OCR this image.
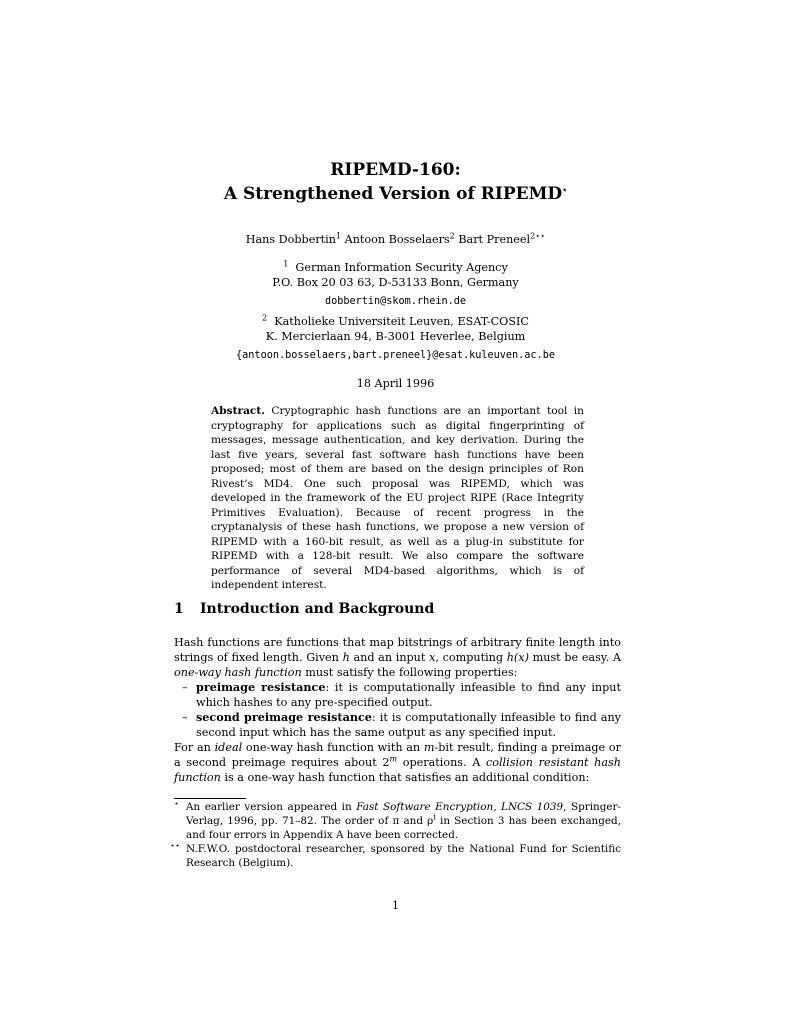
RIPEMD-160:
A Strengthened Version of RIPEMD⋆
Hans Dobbertin$^1$ Antoon Bosselaers$^2$ Bart Preneel$^{2⋆⋆}$
$^1$ German Information Security Agency
P.O. Box 20 03 63, D-53133 Bonn, Germany
dobbertin@skom.rhein.de
$^2$ Katholieke Universiteit Leuven, ESAT-COSIC
K. Mercierlaan 94, B-3001 Heverlee, Belgium
{antoon.bosselaers,bart.preneel}@esat.kuleuven.ac.be
18 April 1996
Abstract. Cryptographic hash functions are an important tool in cryptography for applications such as digital fingerprinting of messages, message authentication, and key derivation. During the last five years, several fast software hash functions have been proposed; most of them are based on the design principles of Ron Rivest’s MD4. One such proposal was RIPEMD, which was developed in the framework of the EU project RIPE (Race Integrity Primitives Evaluation). Because of recent progress in the cryptanalysis of these hash functions, we propose a new version of RIPEMD with a 160-bit result, as well as a plug-in substitute for RIPEMD with a 128-bit result. We also compare the software performance of several MD4-based algorithms, which is of independent interest.
1 Introduction and Background

Hash functions are functions that map bitstrings of arbitrary finite length into strings of fixed length. Given h and an input x, computing h(x) must be easy. A one-way hash function must satisfy the following properties:

– preimage resistance: it is computationally infeasible to find any input which hashes to any pre-specified output.
– second preimage resistance: it is computationally infeasible to find any second input which has the same output as any specified input.

For an ideal one-way hash function with an m-bit result, finding a preimage or a second preimage requires about 2$^m$ operations. A collision resistant hash function is a one-way hash function that satisfies an additional condition:

⋆ An earlier version appeared in Fast Software Encryption, LNCS 1039, Springer-Verlag, 1996, pp. 71–82. The order of π and $\rho^i$ in Section 3 has been exchanged, and four errors in Appendix A have been corrected.

⋆⋆ N.F.W.O. postdoctoral researcher, sponsored by the National Fund for Scientific Research (Belgium).

1
